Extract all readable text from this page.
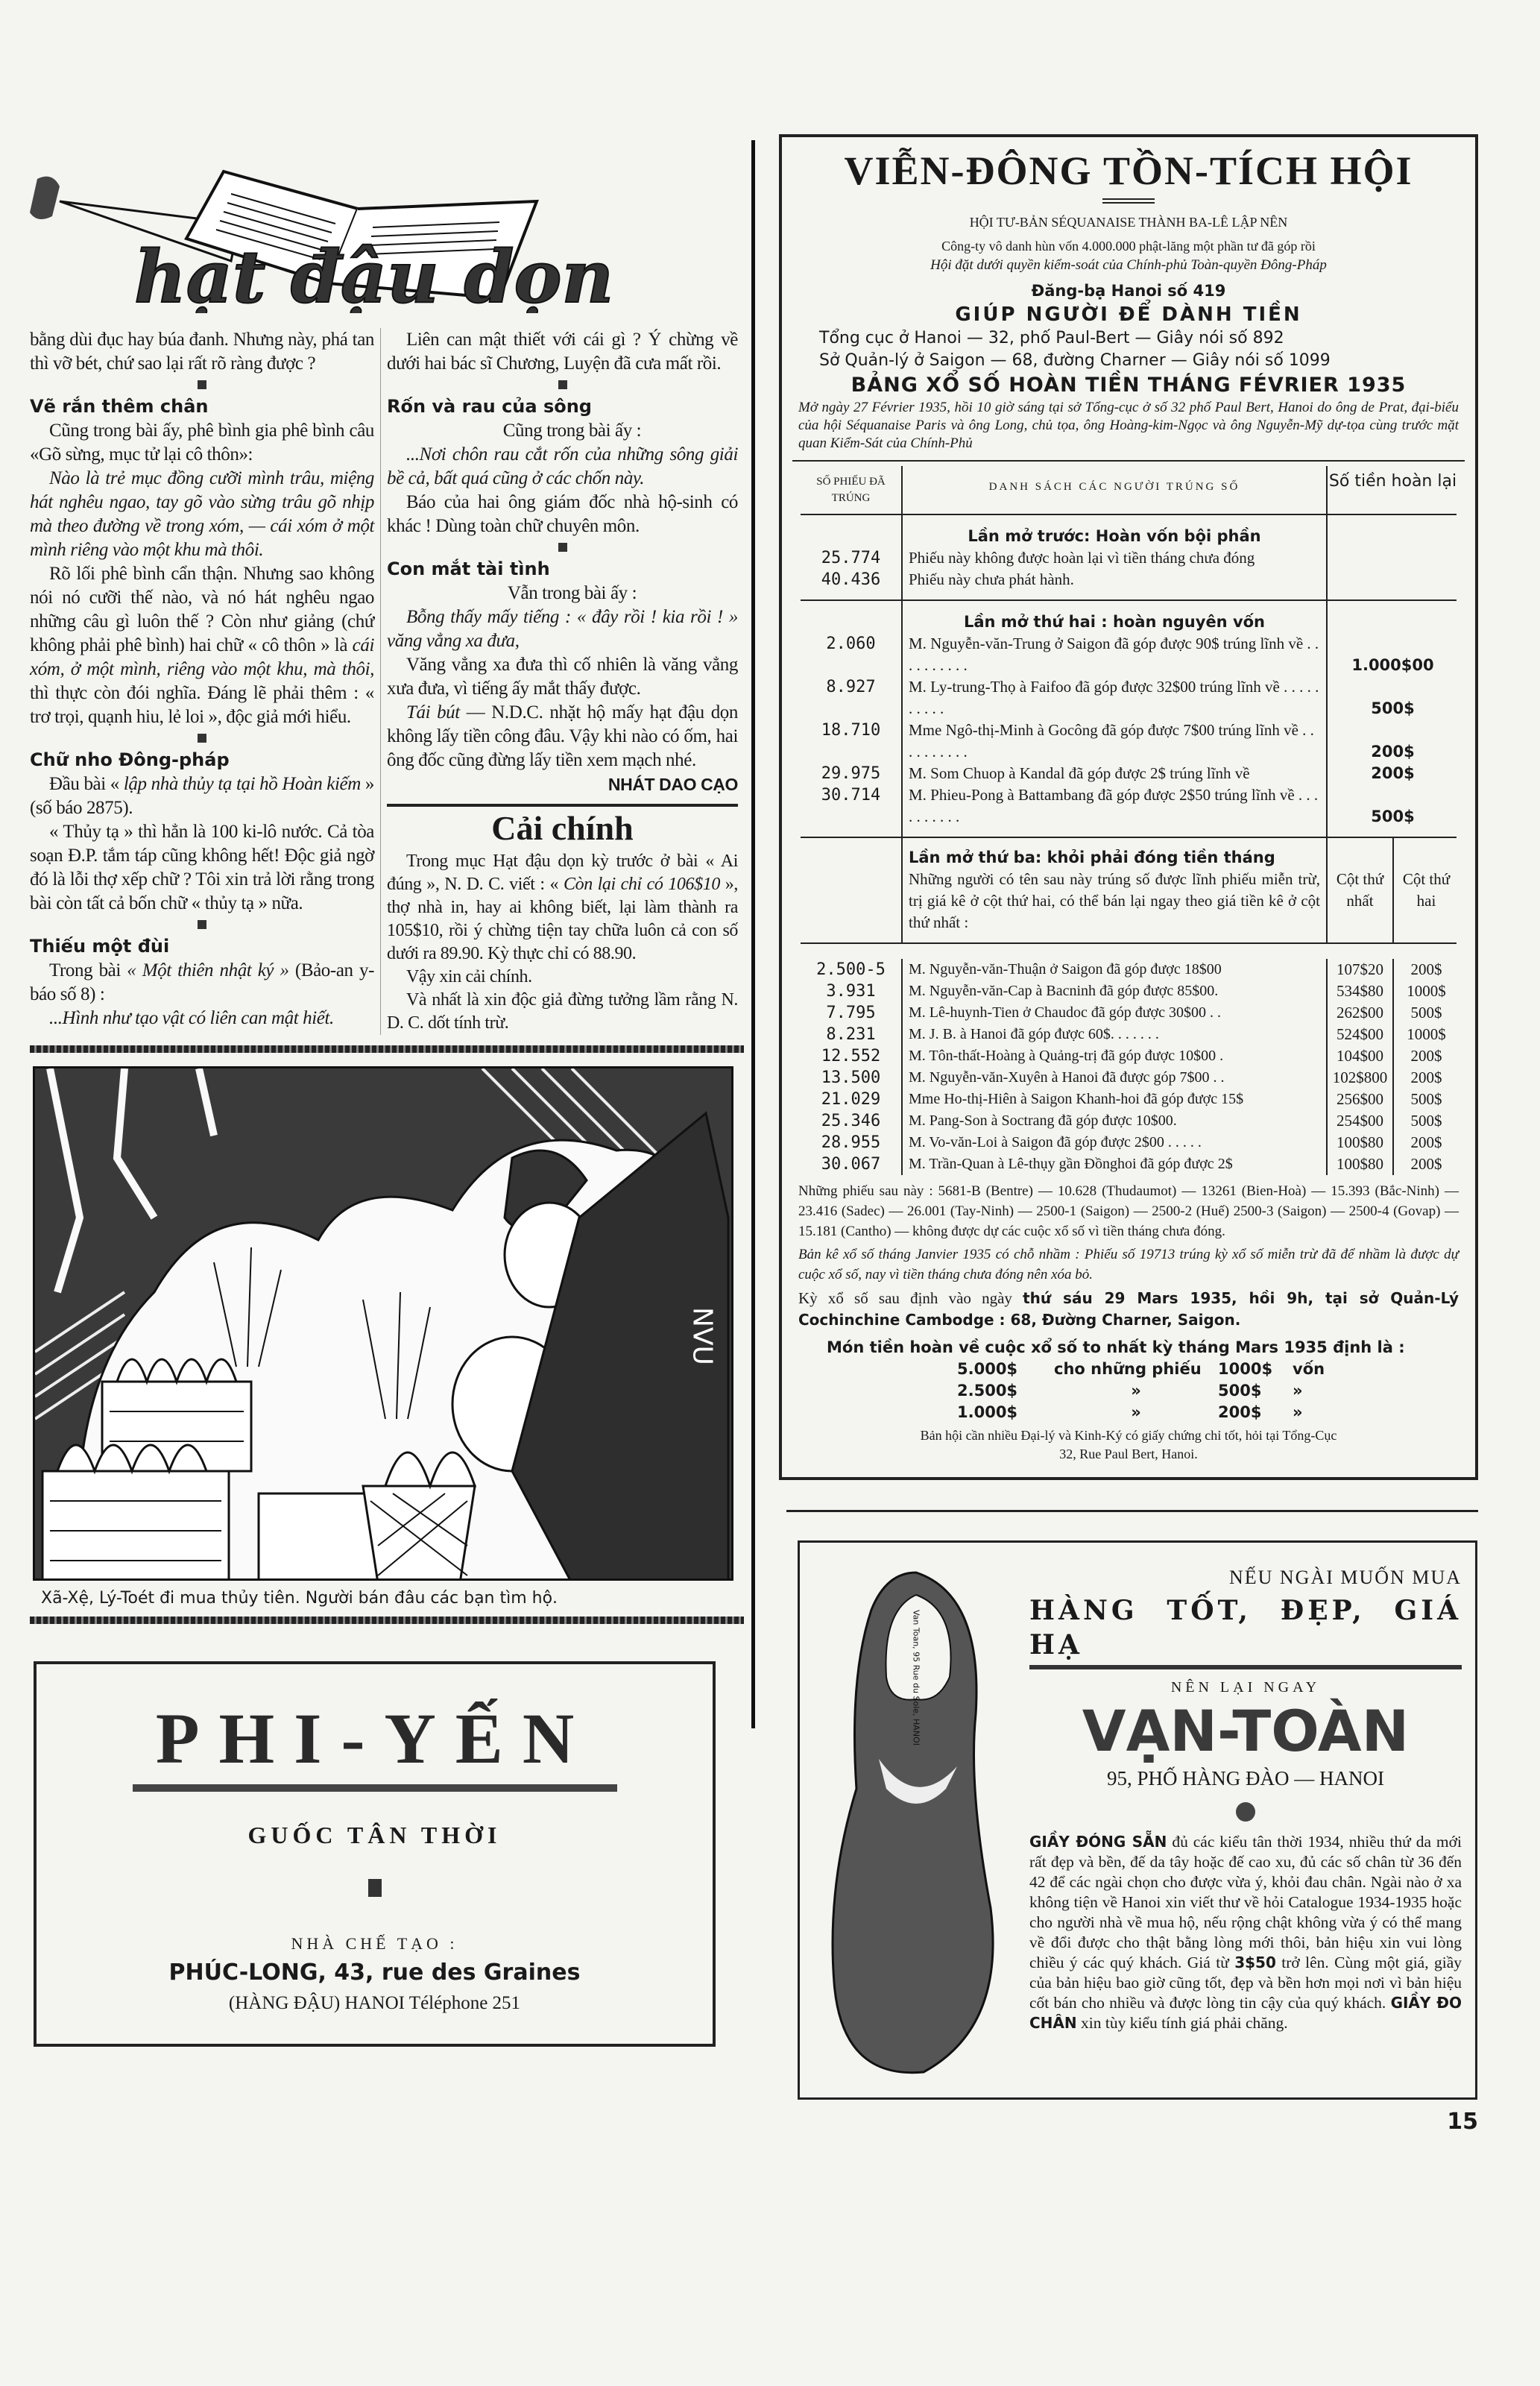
hạt đậu dọn

bằng dùi đục hay búa đanh. Nhưng này, phá tan thì vỡ bét, chứ sao lại rất rõ ràng được ?

Vẽ rắn thêm chân

Cũng trong bài ấy, phê bình gia phê bình câu «Gõ sừng, mục tử lại cô thôn»:

Nào là trẻ mục đồng cưỡi mình trâu, miệng hát nghêu ngao, tay gõ vào sừng trâu gõ nhịp mà theo đường về trong xóm, — cái xóm ở một mình riêng vào một khu mà thôi.

Rõ lối phê bình cẩn thận. Nhưng sao không nói nó cưỡi thế nào, và nó hát nghêu ngao những câu gì luôn thế ? Còn như giảng (chứ không phải phê bình) hai chữ « cô thôn » là cái xóm, ở một mình, riêng vào một khu, mà thôi, thì thực còn đói nghĩa. Đáng lẽ phải thêm : « trơ trọi, quạnh hiu, lẻ loi », độc giả mới hiểu.

Chữ nho Đông-pháp

Đầu bài « lập nhà thủy tạ tại hồ Hoàn kiếm » (số báo 2875).

« Thủy tạ » thì hẳn là 100 ki-lô nước. Cả tòa soạn Đ.P. tắm táp cũng không hết! Độc giả ngờ đó là lỗi thợ xếp chữ ? Tôi xin trả lời rằng trong bài còn tất cả bốn chữ « thủy tạ » nữa.

Thiếu một đùi

Trong bài « Một thiên nhật ký » (Bảo-an y-báo số 8) :

...Hình như tạo vật có liên can mật hiết.

Liên can mật thiết với cái gì ? Ý chừng về dưới hai bác sĩ Chương, Luyện đã cưa mất rồi.

Rốn và rau của sông

Cũng trong bài ấy :

...Nơi chôn rau cắt rốn của những sông giải bề cả, bất quá cũng ở các chốn này.

Báo của hai ông giám đốc nhà hộ-sinh có khác ! Dùng toàn chữ chuyên môn.

Con mắt tài tình

Vẫn trong bài ấy :

Bỗng thấy mấy tiếng : « đây rồi ! kia rồi ! » văng vẳng xa đưa,

Văng vẳng xa đưa thì cố nhiên là văng vẳng xưa đưa, vì tiếng ấy mắt thấy được.

Tái bút — N.D.C. nhặt hộ mấy hạt đậu dọn không lấy tiền công đâu. Vậy khi nào có ốm, hai ông đốc cũng đừng lấy tiền xem mạch nhé.

NHÁT DAO CẠO
Cải chính

Trong mục Hạt đậu dọn kỳ trước ở bài « Ai đúng », N. D. C. viết : « Còn lại chỉ có 106$10 », thợ nhà in, hay ai không biết, lại làm thành ra 105$10, rồi ý chừng tiện tay chữa luôn cả con số dưới ra 89.90. Kỳ thực chỉ có 88.90.

Vậy xin cải chính.

Và nhất là xin độc giả đừng tưởng lầm rằng N. D. C. dốt tính trừ.

NVU
Xã-Xệ, Lý-Toét đi mua thủy tiên. Người bán đâu các bạn tìm hộ.
PHI-YẾN
GUỐC TÂN THỜI
NHÀ CHẾ TẠO :
PHÚC-LONG, 43, rue des Graines
(HÀNG ĐẬU) HANOI Téléphone 251
VIỄN-ĐÔNG TỒN-TÍCH HỘI
HỘI TƯ-BẢN SÉQUANAISE THÀNH BA-LÊ LẬP NÊN
Công-ty vô danh hùn vốn 4.000.000 phật-lăng một phần tư đã góp rồi
Hội đặt dưới quyền kiểm-soát của Chính-phủ Toàn-quyền Đông-Pháp
Đăng-bạ Hanoi số 419
GIÚP NGƯỜI ĐỂ DÀNH TIỀN
Tổng cục ở Hanoi — 32, phố Paul-Bert — Giây nói số 892
Sở Quản-lý ở Saigon — 68, đường Charner — Giây nói số 1099
BẢNG XỔ SỐ HOÀN TIỀN THÁNG FÉVRIER 1935
Mở ngày 27 Février 1935, hồi 10 giờ sáng tại sở Tổng-cục ở số 32 phố Paul Bert, Hanoi do ông de Prat, đại-biểu của hội Séquanaise Paris và ông Long, chủ tọa, ông Hoàng-kim-Ngọc và ông Nguyễn-Mỹ dự-tọa cùng trước mặt quan Kiểm-Sát của Chính-Phủ
SỐ PHIẾU ĐÃ TRÚNG
DANH SÁCH CÁC NGƯỜI TRÚNG SỐ	Số tiền hoàn lại
Lần mở trước: Hoàn vốn bội phần
25.774	Phiếu này không được hoàn lại vì tiền tháng chưa đóng
40.436	Phiếu này chưa phát hành.
Lần mở thứ hai : hoàn nguyên vốn
2.060	M. Nguyễn-văn-Trung ở Saigon đã góp được 90$ trúng lĩnh về . . . . . . . . . .	1.000$00
8.927	M. Ly-trung-Thọ à Faifoo đã góp được 32$00 trúng lĩnh về . . . . . . . . . .	500$
18.710	Mme Ngô-thị-Minh à Gocông đã góp được 7$00 trúng lĩnh về . . . . . . . . . .	200$
29.975	M. Som Chuop à Kandal đã góp được 2$ trúng lĩnh về	200$
30.714	M. Phieu-Pong à Battambang đã góp được 2$50 trúng lĩnh về . . . . . . . . . .	500$
Lần mở thứ ba: khỏi phải đóng tiền tháng
Những người có tên sau này trúng số được lĩnh phiếu miễn trừ, trị giá kê ở cột thứ hai, có thể bán lại ngay theo giá tiền kê ở cột thứ nhất :
Cột thứ nhất
Cột thứ hai
2.500-5	M. Nguyễn-văn-Thuận ở Saigon đã góp được 18$00	107$20	200$
3.931	M. Nguyễn-văn-Cap à Bacninh đã góp được 85$00.	534$80	1000$
7.795	M. Lê-huynh-Tien ở Chaudoc đã góp được 30$00 . .	262$00	500$
8.231	M. J. B. à Hanoi đã góp được 60$. . . . . . .	524$00	1000$
12.552	M. Tôn-thất-Hoàng à Quảng-trị đã góp được 10$00 .	104$00	200$
13.500	M. Nguyễn-văn-Xuyên à Hanoi đã được góp 7$00 . .	102$800	200$
21.029	Mme Ho-thị-Hiên à Saigon Khanh-hoi đã góp được 15$	256$00	500$
25.346	M. Pang-Son à Soctrang đã góp được 10$00.	254$00	500$
28.955	M. Vo-văn-Loi à Saigon đã góp được 2$00 . . . . .	100$80	200$
30.067	M. Trần-Quan à Lê-thụy gần Đồnghoi đã góp được 2$	100$80	200$
Những phiếu sau này : 5681-B (Bentre) — 10.628 (Thudaumot) — 13261 (Bien-Hoà) — 15.393 (Bắc-Ninh) — 23.416 (Sadec) — 26.001 (Tay-Ninh) — 2500-1 (Saigon) — 2500-2 (Huế) 2500-3 (Saigon) — 2500-4 (Govap) — 15.181 (Cantho) — không được dự các cuộc xổ số vì tiền tháng chưa đóng.
Bản kê xổ số tháng Janvier 1935 có chỗ nhầm : Phiếu số 19713 trúng kỳ xổ số miễn trừ đã để nhầm là được dự cuộc xổ số, nay vì tiền tháng chưa đóng nên xóa bỏ.
Kỳ xổ số sau định vào ngày thứ sáu 29 Mars 1935, hồi 9h, tại sở Quản-Lý Cochinchine Cambodge : 68, Đường Charner, Saigon.
Món tiền hoàn về cuộc xổ số to nhất kỳ tháng Mars 1935 định là :
5.000$	cho những phiếu	1000$	vốn
2.500$	»	500$	»
1.000$	»	200$	»
Bản hội cần nhiều Đại-lý và Kinh-Ký có giấy chứng chỉ tốt, hỏi tại Tổng-Cục
32, Rue Paul Bert, Hanoi.
Van Toan, 95 Rue du Soie, HANOI
NẾU NGÀI MUỐN MUA
HÀNG TỐT, ĐẸP, GIÁ HẠ
NÊN LẠI NGAY
VẠN-TOÀN
95, PHỐ HÀNG ĐÀO — HANOI
GIẦY ĐÓNG SẴN đủ các kiểu tân thời 1934, nhiều thứ da mới rất đẹp và bền, đế da tây hoặc đế cao xu, đủ các số chân từ 36 đến 42 để các ngài chọn cho được vừa ý, khỏi đau chân. Ngài nào ở xa không tiện về Hanoi xin viết thư về hỏi Catalogue 1934-1935 hoặc cho người nhà về mua hộ, nếu rộng chật không vừa ý có thể mang về đổi được cho thật bằng lòng mới thôi, bản hiệu xin vui lòng chiều ý các quý khách. Giá từ 3$50 trở lên. Cùng một giá, giầy của bản hiệu bao giờ cũng tốt, đẹp và bền hơn mọi nơi vì bản hiệu cốt bán cho nhiều và được lòng tin cậy của quý khách. GIẦY ĐO CHÂN xin tùy kiểu tính giá phải chăng.
15
